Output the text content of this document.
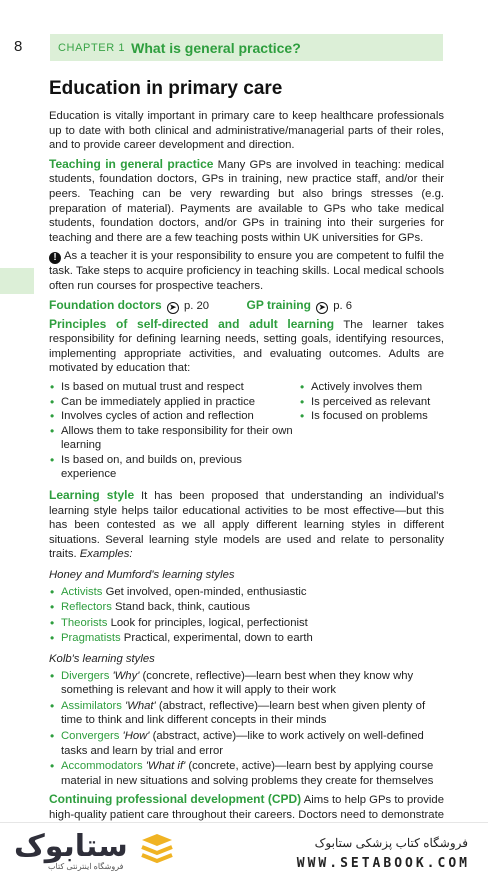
8	CHAPTER 1 What is general practice?
Education in primary care

Education is vitally important in primary care to keep healthcare professionals up to date with both clinical and administrative/managerial parts of their roles, and to provide career development and direction.

Teaching in general practice Many GPs are involved in teaching: medical students, foundation doctors, GPs in training, new practice staff, and/or their peers. Teaching can be very rewarding but also brings stresses (e.g. preparation of material). Payments are available to GPs who take medical students, foundation doctors, and/or GPs in training into their surgeries for teaching and there are a few teaching posts within UK universities for GPs.

! As a teacher it is your responsibility to ensure you are competent to fulfil the task. Take steps to acquire proficiency in teaching skills. Local medical schools often run courses for prospective teachers.

Foundation doctors ➤ p. 20	GP training ➤ p. 6

Principles of self-directed and adult learning The learner takes responsibility for defining learning needs, setting goals, identifying resources, implementing appropriate activities, and evaluating outcomes. Adults are motivated by education that:

• Is based on mutual trust and respect
• Can be immediately applied in practice
• Involves cycles of action and reflection
• Allows them to take responsibility for their own learning
• Is based on, and builds on, previous experience
• Actively involves them
• Is perceived as relevant
• Is focused on problems

Learning style It has been proposed that understanding an individual's learning style helps tailor educational activities to be most effective—but this has been contested as we all apply different learning styles in different situations. Several learning style models are used and relate to personality traits. Examples:

Honey and Mumford's learning styles
• Activists Get involved, open-minded, enthusiastic
• Reflectors Stand back, think, cautious
• Theorists Look for principles, logical, perfectionist
• Pragmatists Practical, experimental, down to earth
Kolb's learning styles
• Divergers 'Why' (concrete, reflective)—learn best when they know why something is relevant and how it will apply to their work
• Assimilators 'What' (abstract, reflective)—learn best when given plenty of time to think and link different concepts in their minds
• Convergers 'How' (abstract, active)—like to work actively on well-defined tasks and learn by trial and error
• Accommodators 'What if' (concrete, active)—learn best by applying course material in new situations and solving problems they create for themselves

Continuing professional development (CPD) Aims to help GPs to provide high-quality patient care throughout their careers. Doctors need to demonstrate

ستابوک
فروشگاه اینترنتی کتاب
فروشگاه کتاب پزشکی ستابوک
WWW.SETABOOK.COM
